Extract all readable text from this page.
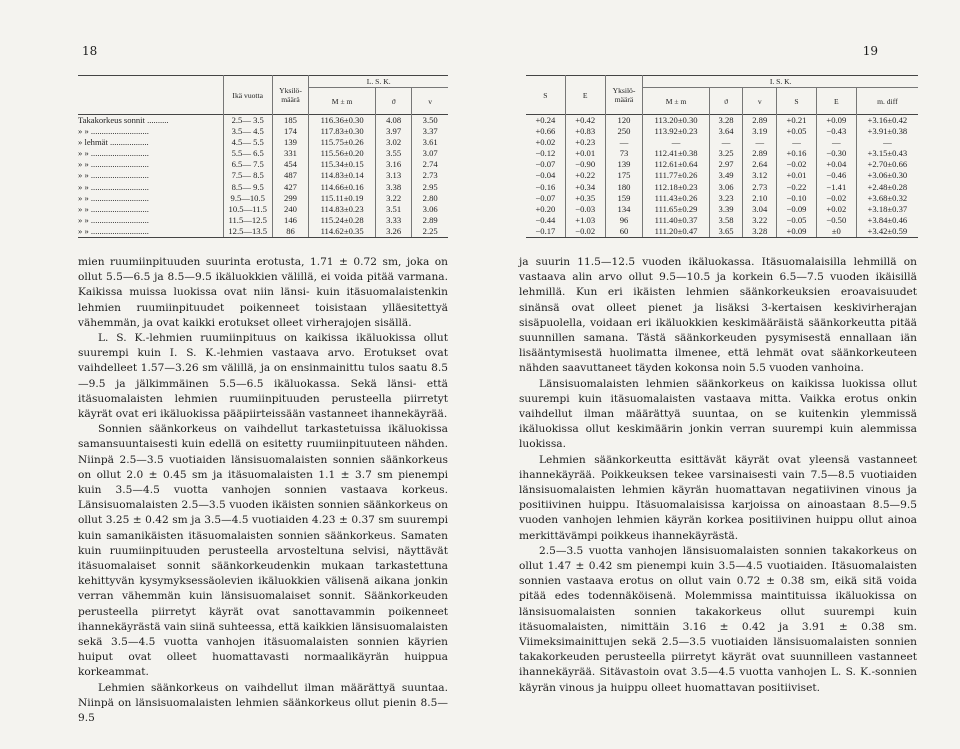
18
	Ikä vuotta	Yksilö-määrä	L. S. K.		
			M ± m	ϑ	v
Takakorkeus sonnit ..........	2.5— 3.5	185	116.36±0.30	4.08	3.50
» » ...........................	3.5— 4.5	174	117.83±0.30	3.97	3.37
» lehmät ..................	4.5— 5.5	139	115.75±0.26	3.02	3.61
» » ...........................	5.5— 6.5	331	115.56±0.20	3.55	3.07
» » ...........................	6.5— 7.5	454	115.34±0.15	3.16	2.74
» » ...........................	7.5— 8.5	487	114.83±0.14	3.13	2.73
» » ...........................	8.5— 9.5	427	114.66±0.16	3.38	2.95
» » ...........................	9.5—10.5	299	115.11±0.19	3.22	2.80
» » ...........................	10.5—11.5	240	114.83±0.23	3.51	3.06
» » ...........................	11.5—12.5	146	115.24±0.28	3.33	2.89
» » ...........................	12.5—13.5	86	114.62±0.35	3.26	2.25

mien ruumiinpituuden suurinta erotusta, 1.71 ± 0.72 sm, joka on ollut 5.5—6.5 ja 8.5—9.5 ikäluokkien välillä, ei voida pitää varmana. Kaikissa muissa luokissa ovat niin länsi- kuin itäsuomalaistenkin lehmien ruumiinpituudet poikenneet toisistaan ylläesitettyä vähemmän, ja ovat kaikki erotukset olleet virherajojen sisällä.

L. S. K.-lehmien ruumiinpituus on kaikissa ikäluokissa ollut suurempi kuin I. S. K.-lehmien vastaava arvo. Erotukset ovat vaihdelleet 1.57—3.26 sm välillä, ja on ensinmainittu tulos saatu 8.5—9.5 ja jälkimmäinen 5.5—6.5 ikäluokassa. Sekä länsi- että itäsuomalaisten lehmien ruumiinpituuden perusteella piirretyt käyrät ovat eri ikäluokissa pääpiirteissään vastanneet ihannekäyrää.

Sonnien säänkorkeus on vaihdellut tarkastetuissa ikäluokissa samansuuntaisesti kuin edellä on esitetty ruumiinpituuteen nähden. Niinpä 2.5—3.5 vuotiaiden länsisuomalaisten sonnien säänkorkeus on ollut 2.0 ± 0.45 sm ja itäsuomalaisten 1.1 ± 3.7 sm pienempi kuin 3.5—4.5 vuotta vanhojen sonnien vastaava korkeus. Länsisuomalaisten 2.5—3.5 vuoden ikäisten sonnien säänkorkeus on ollut 3.25 ± 0.42 sm ja 3.5—4.5 vuotiaiden 4.23 ± 0.37 sm suurempi kuin samanikäisten itäsuomalaisten sonnien säänkorkeus. Samaten kuin ruumiinpituuden perusteella arvosteltuna selvisi, näyttävät itäsuomalaiset sonnit säänkorkeudenkin mukaan tarkastettuna kehittyvän kysymyksessäolevien ikäluokkien välisenä aikana jonkin verran vähemmän kuin länsisuomalaiset sonnit. Säänkorkeuden perusteella piirretyt käyrät ovat sanottavammin poikenneet ihannekäyrästä vain siinä suhteessa, että kaikkien länsisuomalaisten sekä 3.5—4.5 vuotta vanhojen itäsuomalaisten sonnien käyrien huiput ovat olleet huomattavasti normaalikäyrän huippua korkeammat.

Lehmien säänkorkeus on vaihdellut ilman määrättyä suuntaa. Niinpä on länsisuomalaisten lehmien säänkorkeus ollut pienin 8.5—9.5

19
S	E	Yksilö-määrä	I. S. K.					
			M ± m	ϑ	v	S	E	m. diff
+0.24	+0.42	120	113.20±0.30	3.28	2.89	+0.21	+0.09	+3.16±0.42
+0.66	+0.83	250	113.92±0.23	3.64	3.19	+0.05	−0.43	+3.91±0.38
+0.02	+0.23	—	—	—	—	—	—	—
−0.12	+0.01	73	112.41±0.38	3.25	2.89	+0.16	−0.30	+3.15±0.43
−0.07	−0.90	139	112.61±0.64	2.97	2.64	−0.02	+0.04	+2.70±0.66
−0.04	+0.22	175	111.77±0.26	3.49	3.12	+0.01	−0.46	+3.06±0.30
−0.16	+0.34	180	112.18±0.23	3.06	2.73	−0.22	−1.41	+2.48±0.28
−0.07	+0.35	159	111.43±0.26	3.23	2.10	−0.10	−0.02	+3.68±0.32
+0.20	−0.03	134	111.65±0.29	3.39	3.04	−0.09	+0.02	+3.18±0.37
−0.44	+1.03	96	111.40±0.37	3.58	3.22	−0.05	−0.50	+3.84±0.46
−0.17	−0.02	60	111.20±0.47	3.65	3.28	+0.09	±0	+3.42±0.59

ja suurin 11.5—12.5 vuoden ikäluokassa. Itäsuomalaisilla lehmillä on vastaava alin arvo ollut 9.5—10.5 ja korkein 6.5—7.5 vuoden ikäisillä lehmillä. Kun eri ikäisten lehmien säänkorkeuksien eroavaisuudet sinänsä ovat olleet pienet ja lisäksi 3-kertaisen keskivirherajan sisäpuolella, voidaan eri ikäluokkien keskimääräistä säänkorkeutta pitää suunnillen samana. Tästä säänkorkeuden pysymisestä ennallaan iän lisääntymisestä huolimatta ilmenee, että lehmät ovat säänkorkeuteen nähden saavuttaneet täyden kokonsa noin 5.5 vuoden vanhoina.

Länsisuomalaisten lehmien säänkorkeus on kaikissa luokissa ollut suurempi kuin itäsuomalaisten vastaava mitta. Vaikka erotus onkin vaihdellut ilman määrättyä suuntaa, on se kuitenkin ylemmissä ikäluokissa ollut keskimäärin jonkin verran suurempi kuin alemmissa luokissa.

Lehmien säänkorkeutta esittävät käyrät ovat yleensä vastanneet ihannekäyrää. Poikkeuksen tekee varsinaisesti vain 7.5—8.5 vuotiaiden länsisuomalaisten lehmien käyrän huomattavan negatiivinen vinous ja positiivinen huippu. Itäsuomalaisissa karjoissa on ainoastaan 8.5—9.5 vuoden vanhojen lehmien käyrän korkea positiivinen huippu ollut ainoa merkittävämpi poikkeus ihannekäyrästä.

2.5—3.5 vuotta vanhojen länsisuomalaisten sonnien takakorkeus on ollut 1.47 ± 0.42 sm pienempi kuin 3.5—4.5 vuotiaiden. Itäsuomalaisten sonnien vastaava erotus on ollut vain 0.72 ± 0.38 sm, eikä sitä voida pitää edes todennäköisenä. Molemmissa maintituissa ikäluokissa on länsisuomalaisten sonnien takakorkeus ollut suurempi kuin itäsuomalaisten, nimittäin 3.16 ± 0.42 ja 3.91 ± 0.38 sm. Viimeksimainittujen sekä 2.5—3.5 vuotiaiden länsisuomalaisten sonnien takakorkeuden perusteella piirretyt käyrät ovat suunnilleen vastanneet ihannekäyrää. Sitävastoin ovat 3.5—4.5 vuotta vanhojen L. S. K.-sonnien käyrän vinous ja huippu olleet huomattavan positiiviset.
